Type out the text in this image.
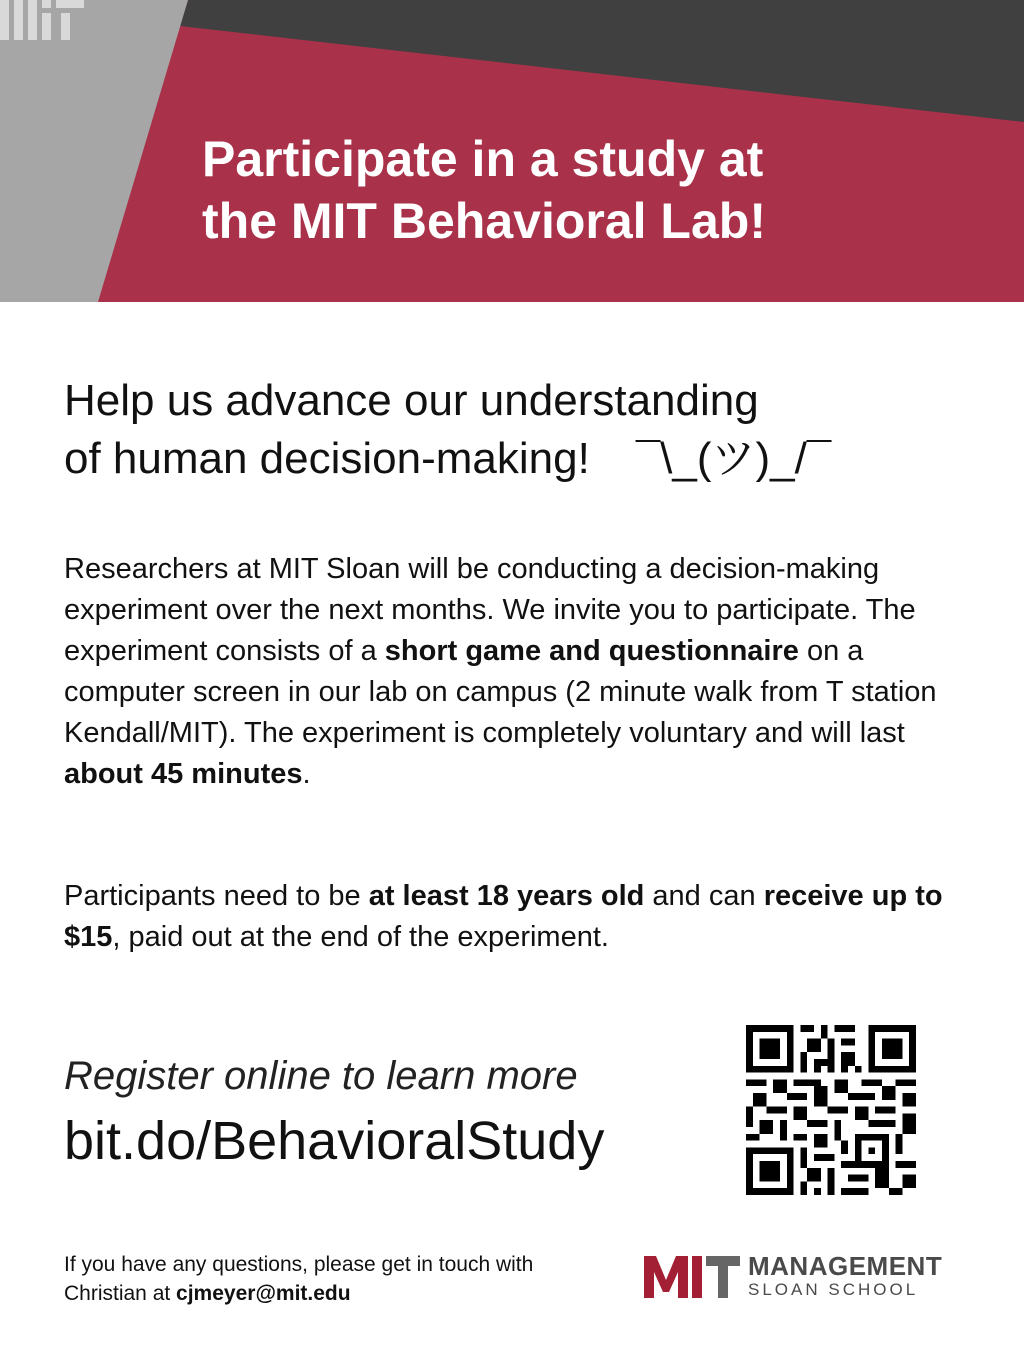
Participate in a study at
the MIT Behavioral Lab!
Help us advance our understanding
of human decision-making! ¯\_(ツ)_/¯

Researchers at MIT Sloan will be conducting a decision-making experiment over the next months. We invite you to participate. The experiment consists of a short game and questionnaire on a computer screen in our lab on campus (2 minute walk from T station Kendall/MIT). The experiment is completely voluntary and will last about 45 minutes.

Participants need to be at least 18 years old and can receive up to $15, paid out at the end of the experiment.

Register online to learn more
bit.do/BehavioralStudy
If you have any questions, please get in touch with Christian at cjmeyer@mit.edu
MANAGEMENT
SLOAN SCHOOL
